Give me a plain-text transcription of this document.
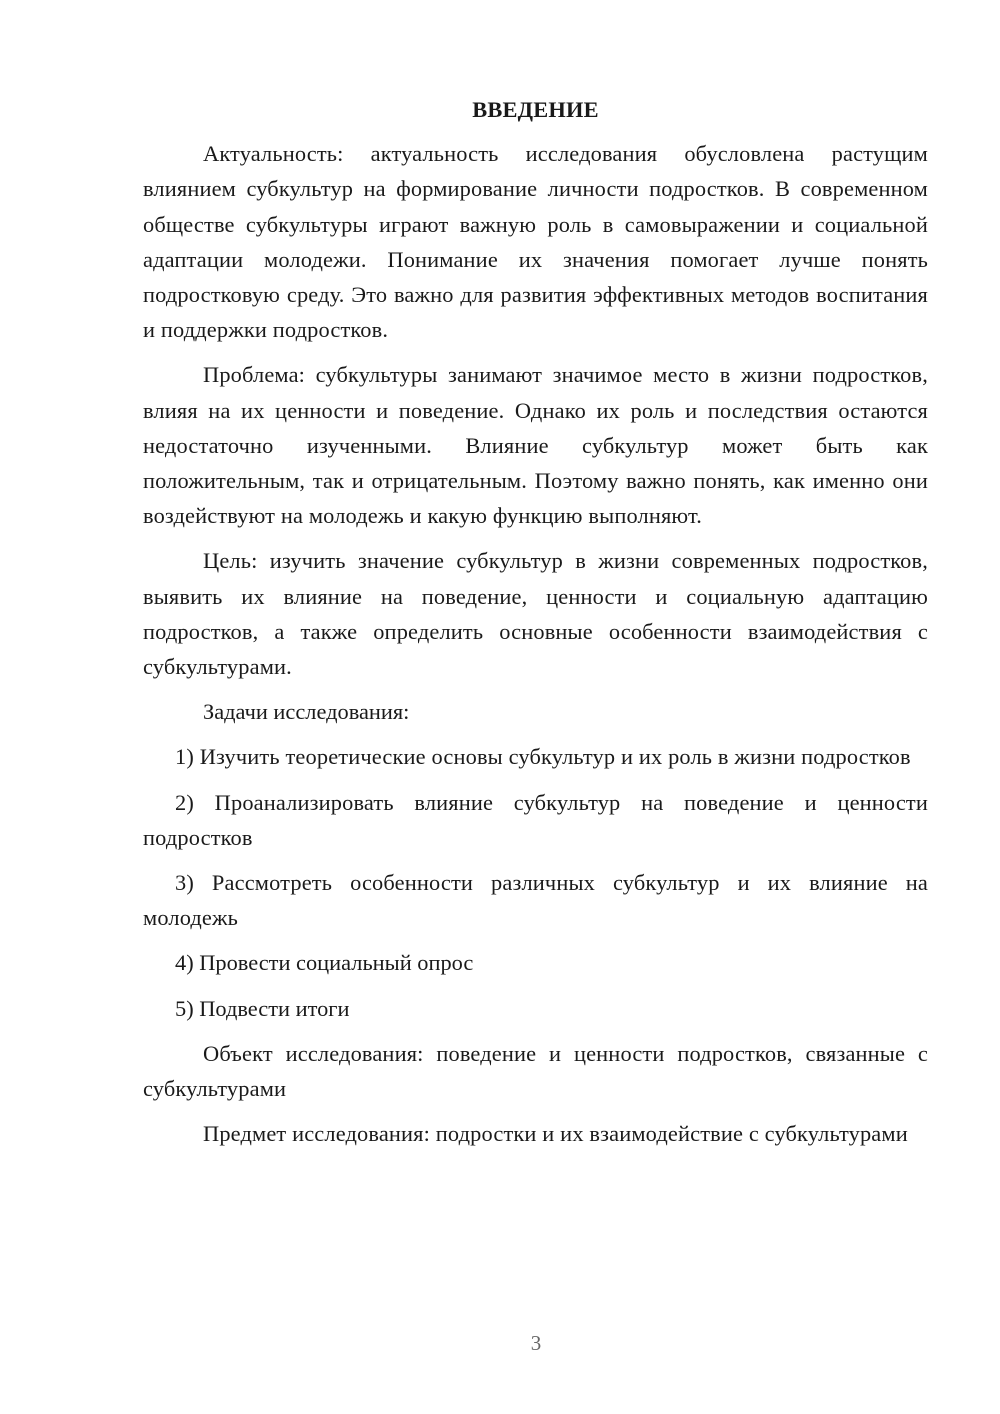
ВВЕДЕНИЕ

Актуальность: актуальность исследования обусловлена растущим влиянием субкультур на формирование личности подростков. В современном обществе субкультуры играют важную роль в самовыражении и социальной адаптации молодежи. Понимание их значения помогает лучше понять подростковую среду. Это важно для развития эффективных методов воспитания и поддержки подростков.

Проблема: субкультуры занимают значимое место в жизни подростков, влияя на их ценности и поведение. Однако их роль и последствия остаются недостаточно изученными. Влияние субкультур может быть как положительным, так и отрицательным. Поэтому важно понять, как именно они воздействуют на молодежь и какую функцию выполняют.

Цель: изучить значение субкультур в жизни современных подростков, выявить их влияние на поведение, ценности и социальную адаптацию подростков, а также определить основные особенности взаимодействия с субкультурами.

Задачи исследования:

1) Изучить теоретические основы субкультур и их роль в жизни подростков

2) Проанализировать влияние субкультур на поведение и ценности подростков

3) Рассмотреть особенности различных субкультур и их влияние на молодежь

4) Провести социальный опрос

5) Подвести итоги

Объект исследования: поведение и ценности подростков, связанные с субкультурами

Предмет исследования: подростки и их взаимодействие с субкультурами

3
